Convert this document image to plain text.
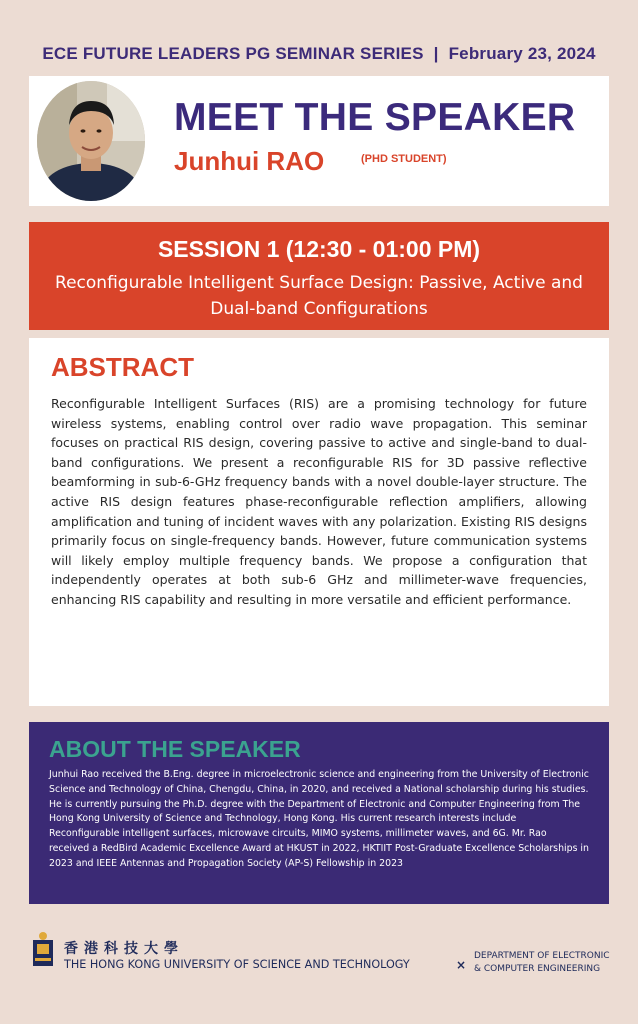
ECE FUTURE LEADERS PG SEMINAR SERIES | February 23, 2024
MEET THE SPEAKER
Junhui RAO	(PHD STUDENT)
SESSION 1 (12:30 - 01:00 PM)
Reconfigurable Intelligent Surface Design: Passive, Active and Dual-band Configurations
ABSTRACT
Reconfigurable Intelligent Surfaces (RIS) are a promising technology for future wireless systems, enabling control over radio wave propagation. This seminar focuses on practical RIS design, covering passive to active and single-band to dual-band configurations. We present a reconfigurable RIS for 3D passive reflective beamforming in sub-6-GHz frequency bands with a novel double-layer structure. The active RIS design features phase-reconfigurable reflection amplifiers, allowing amplification and tuning of incident waves with any polarization. Existing RIS designs primarily focus on single-frequency bands. However, future communication systems will likely employ multiple frequency bands. We propose a configuration that independently operates at both sub-6 GHz and millimeter-wave frequencies, enhancing RIS capability and resulting in more versatile and efficient performance.
ABOUT THE SPEAKER
Junhui Rao received the B.Eng. degree in microelectronic science and engineering from the University of Electronic Science and Technology of China, Chengdu, China, in 2020, and received a National scholarship during his studies. He is currently pursuing the Ph.D. degree with the Department of Electronic and Computer Engineering from The Hong Kong University of Science and Technology, Hong Kong. His current research interests include Reconfigurable intelligent surfaces, microwave circuits, MIMO systems, millimeter waves, and 6G. Mr. Rao received a RedBird Academic Excellence Award at HKUST in 2022, HKTIIT Post-Graduate Excellence Scholarships in 2023 and IEEE Antennas and Propagation Society (AP-S) Fellowship in 2023
香港科技大學
THE HONG KONG UNIVERSITY OF SCIENCE AND TECHNOLOGY	×
DEPARTMENT OF ELECTRONIC
& COMPUTER ENGINEERING
